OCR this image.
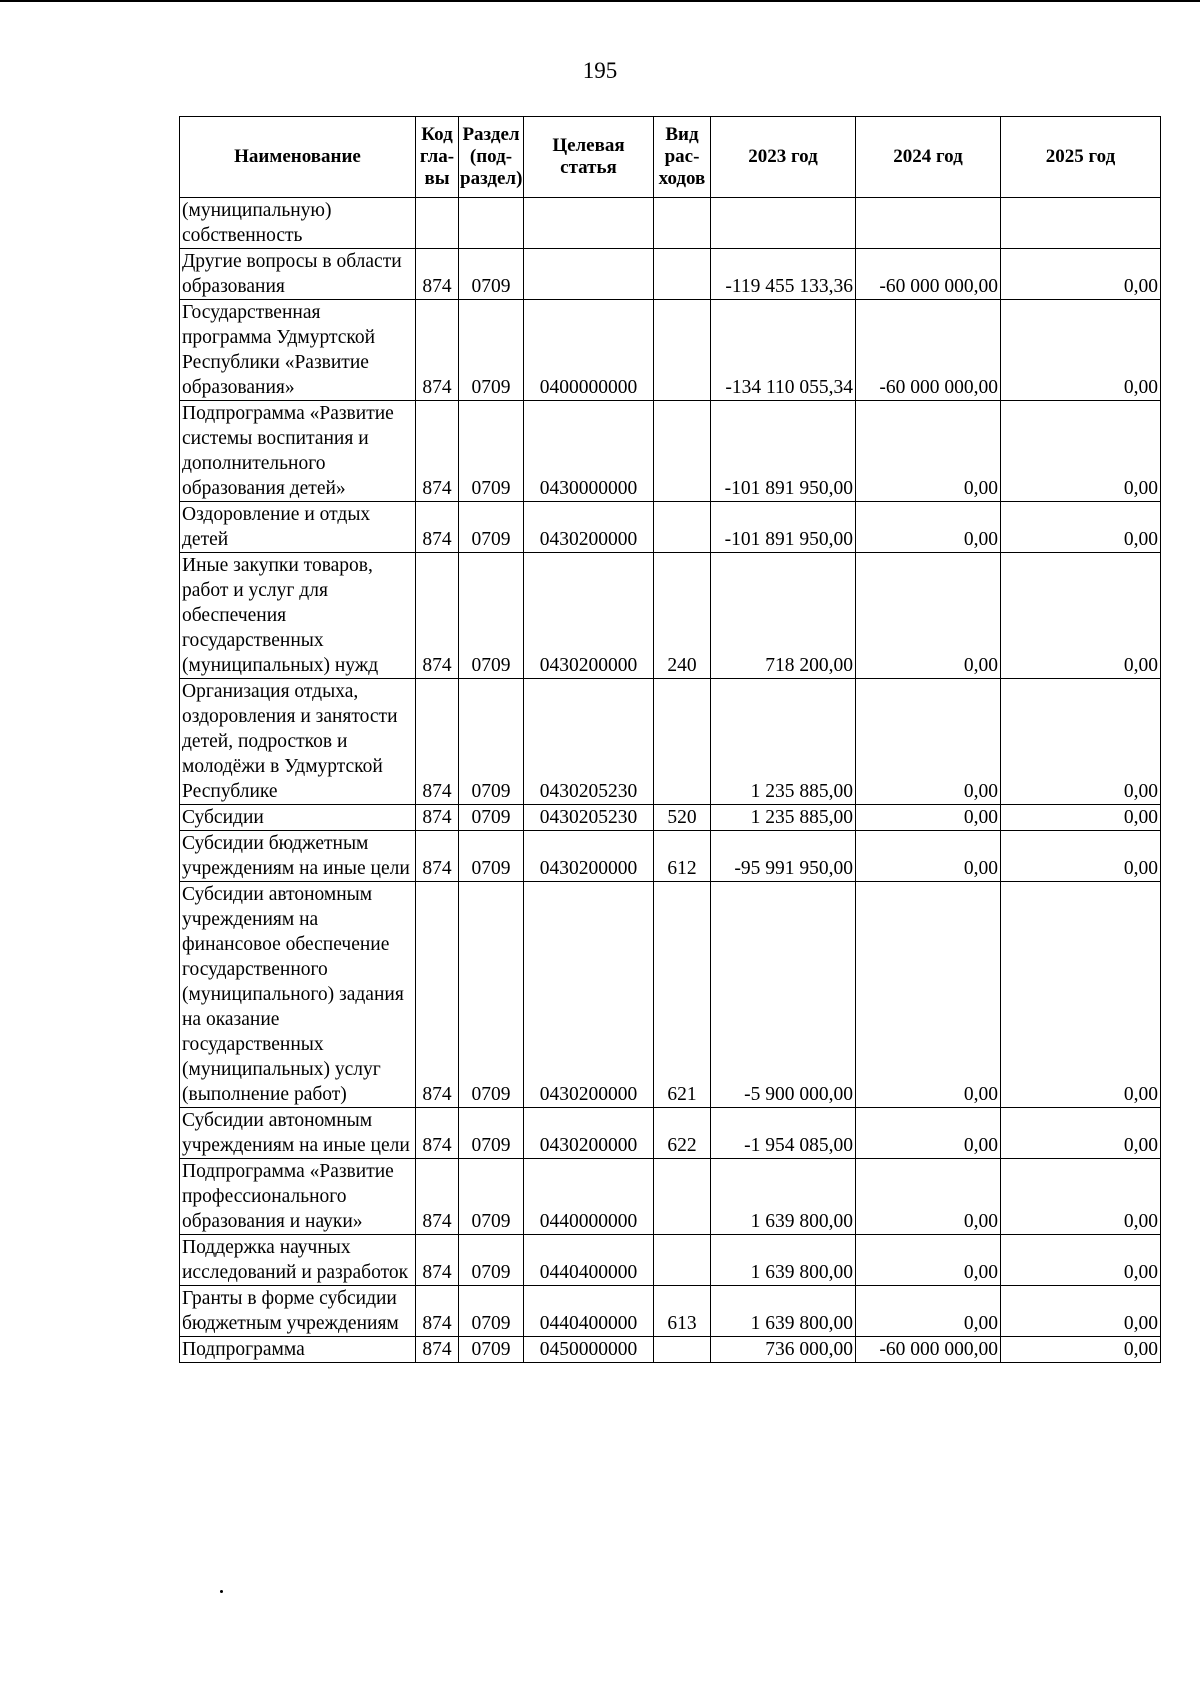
195
Наименование	Код гла-вы	Раздел (под-раздел)	Целевая статья	Вид рас-ходов	2023 год	2024 год	2025 год
(муниципальную) собственность							
Другие вопросы в области образования	874	0709			-119 455 133,36	-60 000 000,00	0,00
Государственная программа Удмуртской Республики «Развитие образования»	874	0709	0400000000		-134 110 055,34	-60 000 000,00	0,00
Подпрограмма «Развитие системы воспитания и дополнительного образования детей»	874	0709	0430000000		-101 891 950,00	0,00	0,00
Оздоровление и отдых детей	874	0709	0430200000		-101 891 950,00	0,00	0,00
Иные закупки товаров, работ и услуг для обеспечения государственных (муниципальных) нужд	874	0709	0430200000	240	718 200,00	0,00	0,00
Организация отдыха, оздоровления и занятости детей, подростков и молодёжи в Удмуртской Республике	874	0709	0430205230		1 235 885,00	0,00	0,00
Субсидии	874	0709	0430205230	520	1 235 885,00	0,00	0,00
Субсидии бюджетным учреждениям на иные цели	874	0709	0430200000	612	-95 991 950,00	0,00	0,00
Субсидии автономным учреждениям на финансовое обеспечение государственного (муниципального) задания на оказание государственных (муниципальных) услуг (выполнение работ)	874	0709	0430200000	621	-5 900 000,00	0,00	0,00
Субсидии автономным учреждениям на иные цели	874	0709	0430200000	622	-1 954 085,00	0,00	0,00
Подпрограмма «Развитие профессионального образования и науки»	874	0709	0440000000		1 639 800,00	0,00	0,00
Поддержка научных исследований и разработок	874	0709	0440400000		1 639 800,00	0,00	0,00
Гранты в форме субсидии бюджетным учреждениям	874	0709	0440400000	613	1 639 800,00	0,00	0,00
Подпрограмма	874	0709	0450000000		736 000,00	-60 000 000,00	0,00
